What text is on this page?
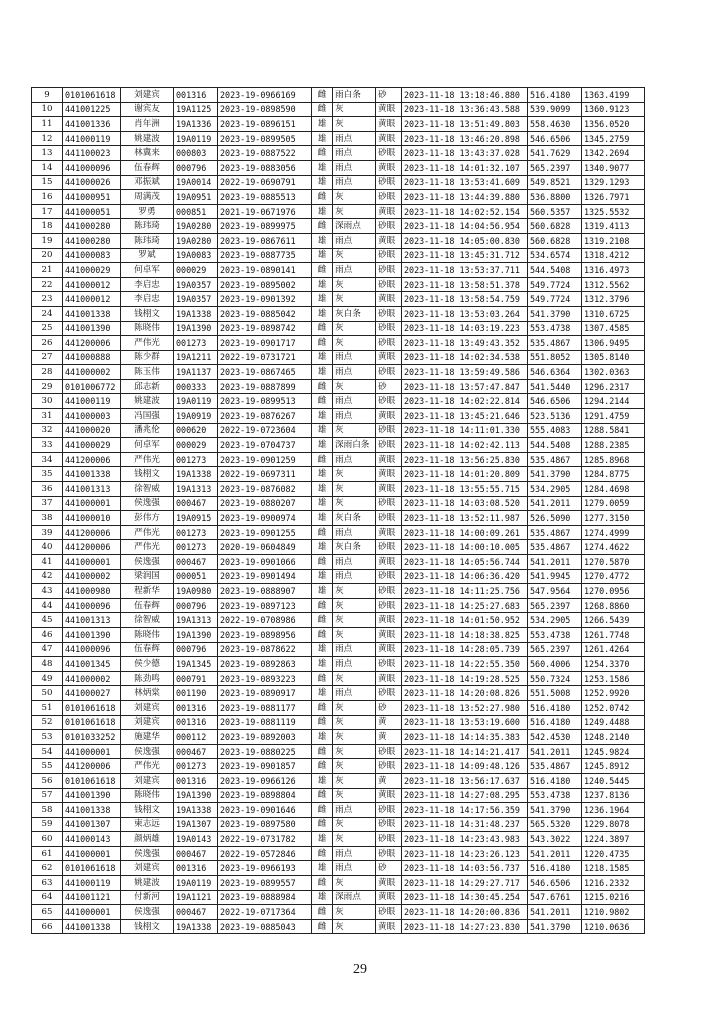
9	0101061618	刘建宾	001316	2023-19-0966169	雌	雨白条	砂	2023-11-18 13:18:46.880	516.4180	1363.4199
10	441001225	谢宾友	19A1125	2023-19-0898590	雌	灰	黄眼	2023-11-18 13:36:43.588	539.9099	1360.9123
11	441001336	肖年洲	19A1336	2023-19-0896151	雄	灰	黄眼	2023-11-18 13:51:49.803	558.4630	1356.0520
12	441000119	姚建波	19A0119	2023-19-0899505	雄	雨点	黄眼	2023-11-18 13:46:20.898	546.6506	1345.2759
13	441100023	林冀来	000803	2023-19-0887522	雌	雨点	砂眼	2023-11-18 13:43:37.028	541.7629	1342.2694
14	441000096	伍春辉	000796	2023-19-0883056	雄	雨点	黄眼	2023-11-18 14:01:32.107	565.2397	1340.9077
15	441000026	邓振斌	19A0014	2022-19-0690791	雄	雨点	砂眼	2023-11-18 13:53:41.609	549.8521	1329.1293
16	441000951	周满茂	19A0951	2023-19-0885513	雌	灰	砂眼	2023-11-18 13:44:39.880	536.8800	1326.7971
17	441000051	罗勇	000851	2021-19-0671976	雄	灰	黄眼	2023-11-18 14:02:52.154	560.5357	1325.5532
18	441000280	陈玮琦	19A0280	2023-19-0899975	雌	深雨点	砂眼	2023-11-18 14:04:56.954	560.6828	1319.4113
19	441000280	陈玮琦	19A0280	2023-19-0867611	雄	雨点	黄眼	2023-11-18 14:05:00.830	560.6828	1319.2108
20	441000083	罗斌	19A0083	2023-19-0887735	雄	灰	砂眼	2023-11-18 13:45:31.712	534.6574	1318.4212
21	441000029	何卓军	000029	2023-19-0890141	雌	雨点	砂眼	2023-11-18 13:53:37.711	544.5408	1316.4973
22	441000012	李启忠	19A0357	2023-19-0895002	雄	灰	砂眼	2023-11-18 13:58:51.378	549.7724	1312.5562
23	441000012	李启忠	19A0357	2023-19-0901392	雄	灰	黄眼	2023-11-18 13:58:54.759	549.7724	1312.3796
24	441001338	钱栩文	19A1338	2023-19-0885042	雄	灰白条	砂眼	2023-11-18 13:53:03.264	541.3790	1310.6725
25	441001390	陈晓伟	19A1390	2023-19-0898742	雌	灰	砂眼	2023-11-18 14:03:19.223	553.4738	1307.4585
26	441200006	严伟光	001273	2023-19-0901717	雌	灰	砂眼	2023-11-18 13:49:43.352	535.4867	1306.9495
27	441000888	陈少群	19A1211	2022-19-0731721	雄	雨点	黄眼	2023-11-18 14:02:34.538	551.8052	1305.8140
28	441000002	陈玉伟	19A1137	2023-19-0867465	雄	雨点	砂眼	2023-11-18 13:59:49.586	546.6364	1302.0363
29	0101006772	邱志新	000333	2023-19-0887899	雌	灰	砂	2023-11-18 13:57:47.847	541.5440	1296.2317
30	441000119	姚建波	19A0119	2023-19-0899513	雌	雨点	砂眼	2023-11-18 14:02:22.814	546.6506	1294.2144
31	441000003	冯国强	19A0919	2023-19-0876267	雄	雨点	黄眼	2023-11-18 13:45:21.646	523.5136	1291.4759
32	441000020	潘兆伦	000620	2022-19-0723604	雄	灰	砂眼	2023-11-18 14:11:01.330	555.4083	1288.5841
33	441000029	何卓军	000029	2023-19-0704737	雄	深雨白条	砂眼	2023-11-18 14:02:42.113	544.5408	1288.2385
34	441200006	严伟光	001273	2023-19-0901259	雌	雨点	黄眼	2023-11-18 13:56:25.830	535.4867	1285.8968
35	441001338	钱栩文	19A1338	2022-19-0697311	雄	灰	黄眼	2023-11-18 14:01:20.809	541.3790	1284.8775
36	441001313	徐智威	19A1313	2023-19-0876082	雄	灰	黄眼	2023-11-18 13:55:55.715	534.2905	1284.4698
37	441000001	侯逸强	000467	2023-19-0880207	雄	灰	砂眼	2023-11-18 14:03:08.520	541.2011	1279.0059
38	441000010	彭伟方	19A0915	2023-19-0900974	雄	灰白条	砂眼	2023-11-18 13:52:11.987	526.5090	1277.3150
39	441200006	严伟光	001273	2023-19-0901255	雌	雨点	黄眼	2023-11-18 14:00:09.261	535.4867	1274.4999
40	441200006	严伟光	001273	2020-19-0604849	雄	灰白条	砂眼	2023-11-18 14:00:10.005	535.4867	1274.4622
41	441000001	侯逸强	000467	2023-19-0901066	雌	雨点	黄眼	2023-11-18 14:05:56.744	541.2011	1270.5870
42	441000002	梁润国	000051	2023-19-0901494	雄	雨点	砂眼	2023-11-18 14:06:36.420	541.9945	1270.4772
43	441000980	程新华	19A0980	2023-19-0888907	雄	灰	砂眼	2023-11-18 14:11:25.756	547.9564	1270.0956
44	441000096	伍春辉	000796	2023-19-0897123	雌	灰	砂眼	2023-11-18 14:25:27.683	565.2397	1268.8860
45	441001313	徐智威	19A1313	2022-19-0708986	雌	灰	黄眼	2023-11-18 14:01:50.952	534.2905	1266.5439
46	441001390	陈晓伟	19A1390	2023-19-0898956	雌	灰	黄眼	2023-11-18 14:18:38.825	553.4738	1261.7748
47	441000096	伍春辉	000796	2023-19-0878622	雄	雨点	黄眼	2023-11-18 14:28:05.739	565.2397	1261.4264
48	441001345	侯少德	19A1345	2023-19-0892863	雄	雨点	砂眼	2023-11-18 14:22:55.350	560.4006	1254.3370
49	441000002	陈劲鸣	000791	2023-19-0893223	雌	灰	黄眼	2023-11-18 14:19:28.525	550.7324	1253.1586
50	441000027	林炳棠	001190	2023-19-0890917	雄	雨点	砂眼	2023-11-18 14:20:08.826	551.5008	1252.9920
51	0101061618	刘建宾	001316	2023-19-0881177	雌	灰	砂	2023-11-18 13:52:27.980	516.4180	1252.0742
52	0101061618	刘建宾	001316	2023-19-0881119	雌	灰	黄	2023-11-18 13:53:19.600	516.4180	1249.4488
53	0101033252	施建华	000112	2023-19-0892003	雄	灰	黄	2023-11-18 14:14:35.383	542.4530	1248.2140
54	441000001	侯逸强	000467	2023-19-0880225	雌	灰	砂眼	2023-11-18 14:14:21.417	541.2011	1245.9824
55	441200006	严伟光	001273	2023-19-0901857	雌	灰	砂眼	2023-11-18 14:09:48.126	535.4867	1245.8912
56	0101061618	刘建宾	001316	2023-19-0966126	雄	灰	黄	2023-11-18 13:56:17.637	516.4180	1240.5445
57	441001390	陈晓伟	19A1390	2023-19-0898804	雌	灰	黄眼	2023-11-18 14:27:08.295	553.4738	1237.8136
58	441001338	钱栩文	19A1338	2023-19-0901646	雌	雨点	砂眼	2023-11-18 14:17:56.359	541.3790	1236.1964
59	441001307	柬志远	19A1307	2023-19-0897580	雌	灰	砂眼	2023-11-18 14:31:48.237	565.5320	1229.8078
60	441000143	颜炳雄	19A0143	2022-19-0731782	雄	灰	砂眼	2023-11-18 14:23:43.983	543.3022	1224.3897
61	441000001	侯逸强	000467	2022-19-0572846	雌	雨点	砂眼	2023-11-18 14:23:26.123	541.2011	1220.4735
62	0101061618	刘建宾	001316	2023-19-0966193	雄	雨点	砂	2023-11-18 14:03:56.737	516.4180	1218.1585
63	441000119	姚建波	19A0119	2023-19-0899557	雌	灰	黄眼	2023-11-18 14:29:27.717	546.6506	1216.2332
64	441001121	付新河	19A1121	2023-19-0888984	雄	深雨点	黄眼	2023-11-18 14:30:45.254	547.6761	1215.0216
65	441000001	侯逸强	000467	2022-19-0717364	雌	灰	砂眼	2023-11-18 14:20:00.836	541.2011	1210.9802
66	441001338	钱栩文	19A1338	2023-19-0885043	雌	灰	黄眼	2023-11-18 14:27:23.830	541.3790	1210.0636
29
